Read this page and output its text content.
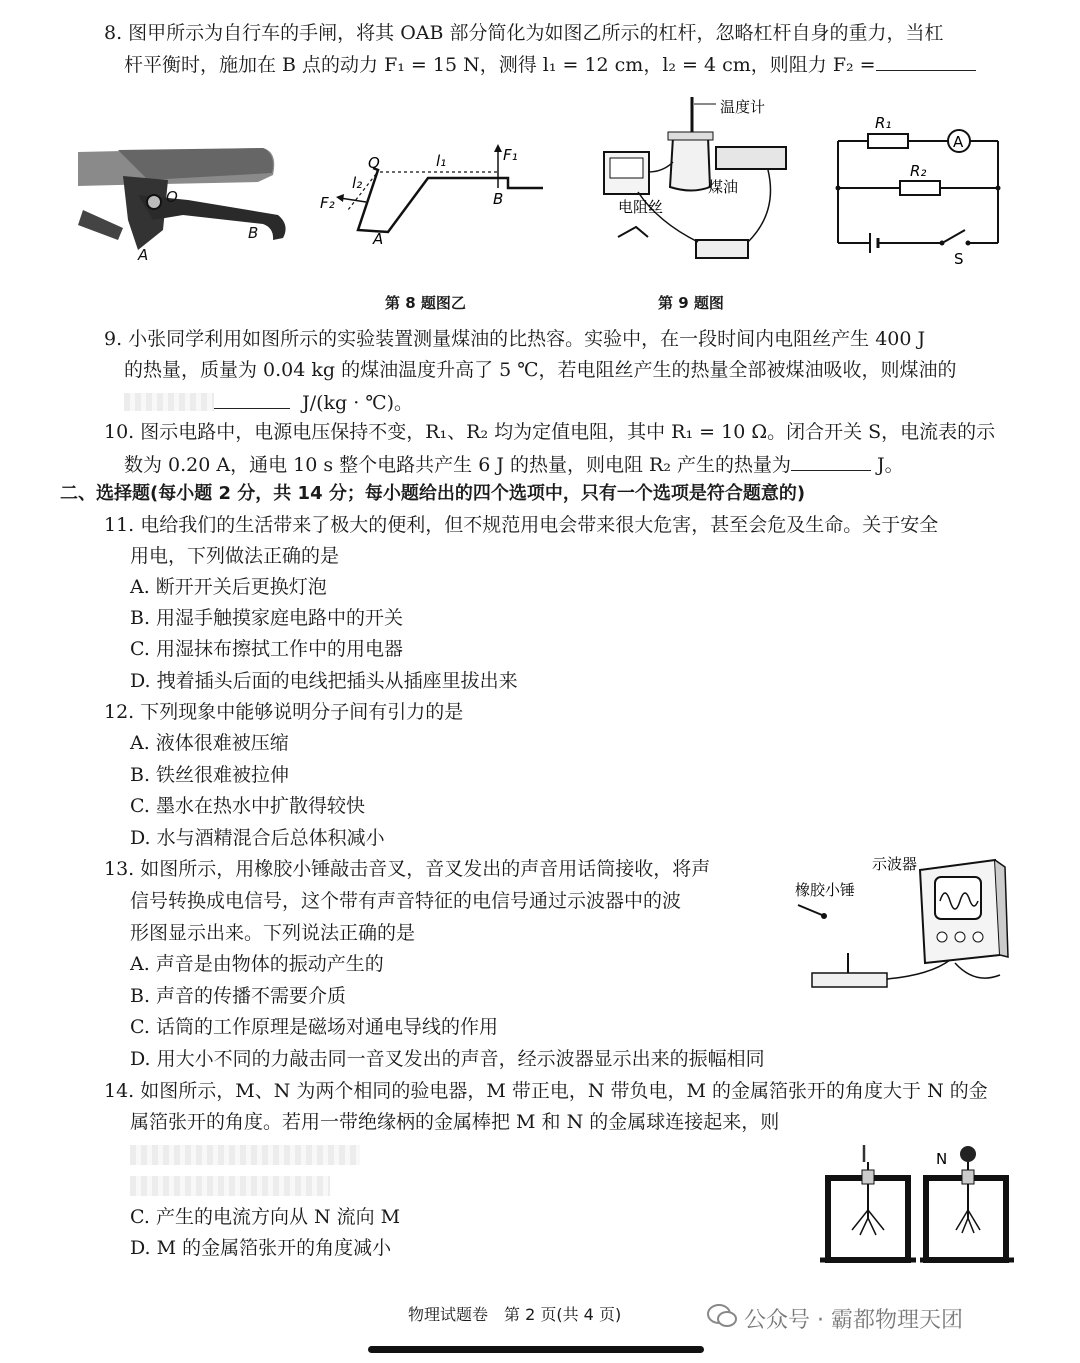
8. 图甲所示为自行车的手闸，将其 OAB 部分简化为如图乙所示的杠杆，忽略杠杆自身的重力，当杠
杆平衡时，施加在 B 点的动力 F₁ = 15 N，测得 l₁ = 12 cm，l₂ = 4 cm，则阻力 F₂ =
O
A
B
O	l₁	F₁
B
l₂
F₂
A
温度计
煤油
电阻丝
A
R₁
R₂
S
第 8 题图乙	第 9 题图
9. 小张同学利用如图所示的实验装置测量煤油的比热容。实验中，在一段时间内电阻丝产生 400 J
的热量，质量为 0.04 kg 的煤油温度升高了 5 ℃，若电阻丝产生的热量全部被煤油吸收，则煤油的
J/(kg · ℃)。
10. 图示电路中，电源电压保持不变，R₁、R₂ 均为定值电阻，其中 R₁ = 10 Ω。闭合开关 S，电流表的示
数为 0.20 A，通电 10 s 整个电路共产生 6 J 的热量，则电阻 R₂ 产生的热量为	J。
二、选择题(每小题 2 分，共 14 分；每小题给出的四个选项中，只有一个选项是符合题意的)
11. 电给我们的生活带来了极大的便利，但不规范用电会带来很大危害，甚至会危及生命。关于安全
用电，下列做法正确的是
A. 断开开关后更换灯泡
B. 用湿手触摸家庭电路中的开关
C. 用湿抹布擦拭工作中的用电器
D. 拽着插头后面的电线把插头从插座里拔出来
12. 下列现象中能够说明分子间有引力的是
A. 液体很难被压缩
B. 铁丝很难被拉伸
C. 墨水在热水中扩散得较快
D. 水与酒精混合后总体积减小
13. 如图所示，用橡胶小锤敲击音叉，音叉发出的声音用话筒接收，将声
信号转换成电信号，这个带有声音特征的电信号通过示波器中的波
形图显示出来。下列说法正确的是
A. 声音是由物体的振动产生的
B. 声音的传播不需要介质
C. 话筒的工作原理是磁场对通电导线的作用
D. 用大小不同的力敲击同一音叉发出的声音，经示波器显示出来的振幅相同
示波器
橡胶小锤
14. 如图所示，M、N 为两个相同的验电器，M 带正电，N 带负电，M 的金属箔张开的角度大于 N 的金
属箔张开的角度。若用一带绝缘柄的金属棒把 M 和 N 的金属球连接起来，则
C. 产生的电流方向从 N 流向 M
D. M 的金属箔张开的角度减小
N
物理试题卷　第 2 页(共 4 页)	公众号 · 霸都物理天团
